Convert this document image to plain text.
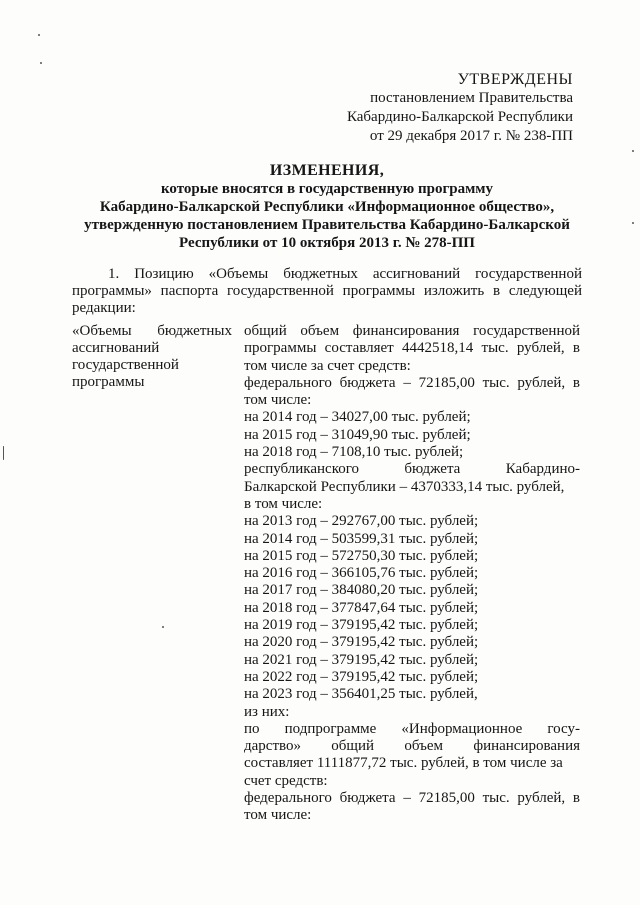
УТВЕРЖДЕНЫ
постановлением Правительства
Кабардино-Балкарской Республики
от 29 декабря 2017 г. № 238-ПП
ИЗМЕНЕНИЯ,
которые вносятся в государственную программу
Кабардино-Балкарской Республики «Информационное общество»,
утвержденную постановлением Правительства Кабардино-Балкарской
Республики от 10 октября 2013 г. № 278-ПП
1. Позицию «Объемы бюджетных ассигнований государственной программы» паспорта государственной программы изложить в следующей редакции:
«Объемы бюджетных
ассигнований
государственной
программы
общий объем финансирования государственной программы составляет 4442518,14 тыс. рублей, в том числе за счет средств:
федерального бюджета – 72185,00 тыс. рублей, в том числе:
на 2014 год – 34027,00 тыс. рублей;
на 2015 год – 31049,90 тыс. рублей;
на 2018 год – 7108,10 тыс. рублей;
республиканского бюджета Кабардино-
Балкарской Республики – 4370333,14 тыс. рублей,
в том числе:
на 2013 год – 292767,00 тыс. рублей;
на 2014 год – 503599,31 тыс. рублей;
на 2015 год – 572750,30 тыс. рублей;
на 2016 год – 366105,76 тыс. рублей;
на 2017 год – 384080,20 тыс. рублей;
на 2018 год – 377847,64 тыс. рублей;
на 2019 год – 379195,42 тыс. рублей;
на 2020 год – 379195,42 тыс. рублей;
на 2021 год – 379195,42 тыс. рублей;
на 2022 год – 379195,42 тыс. рублей;
на 2023 год – 356401,25 тыс. рублей,
из них:
по подпрограмме «Информационное госу-
дарство» общий объем финансирования
составляет 1111877,72 тыс. рублей, в том числе за
счет средств:
федерального бюджета – 72185,00 тыс. рублей, в том числе:
